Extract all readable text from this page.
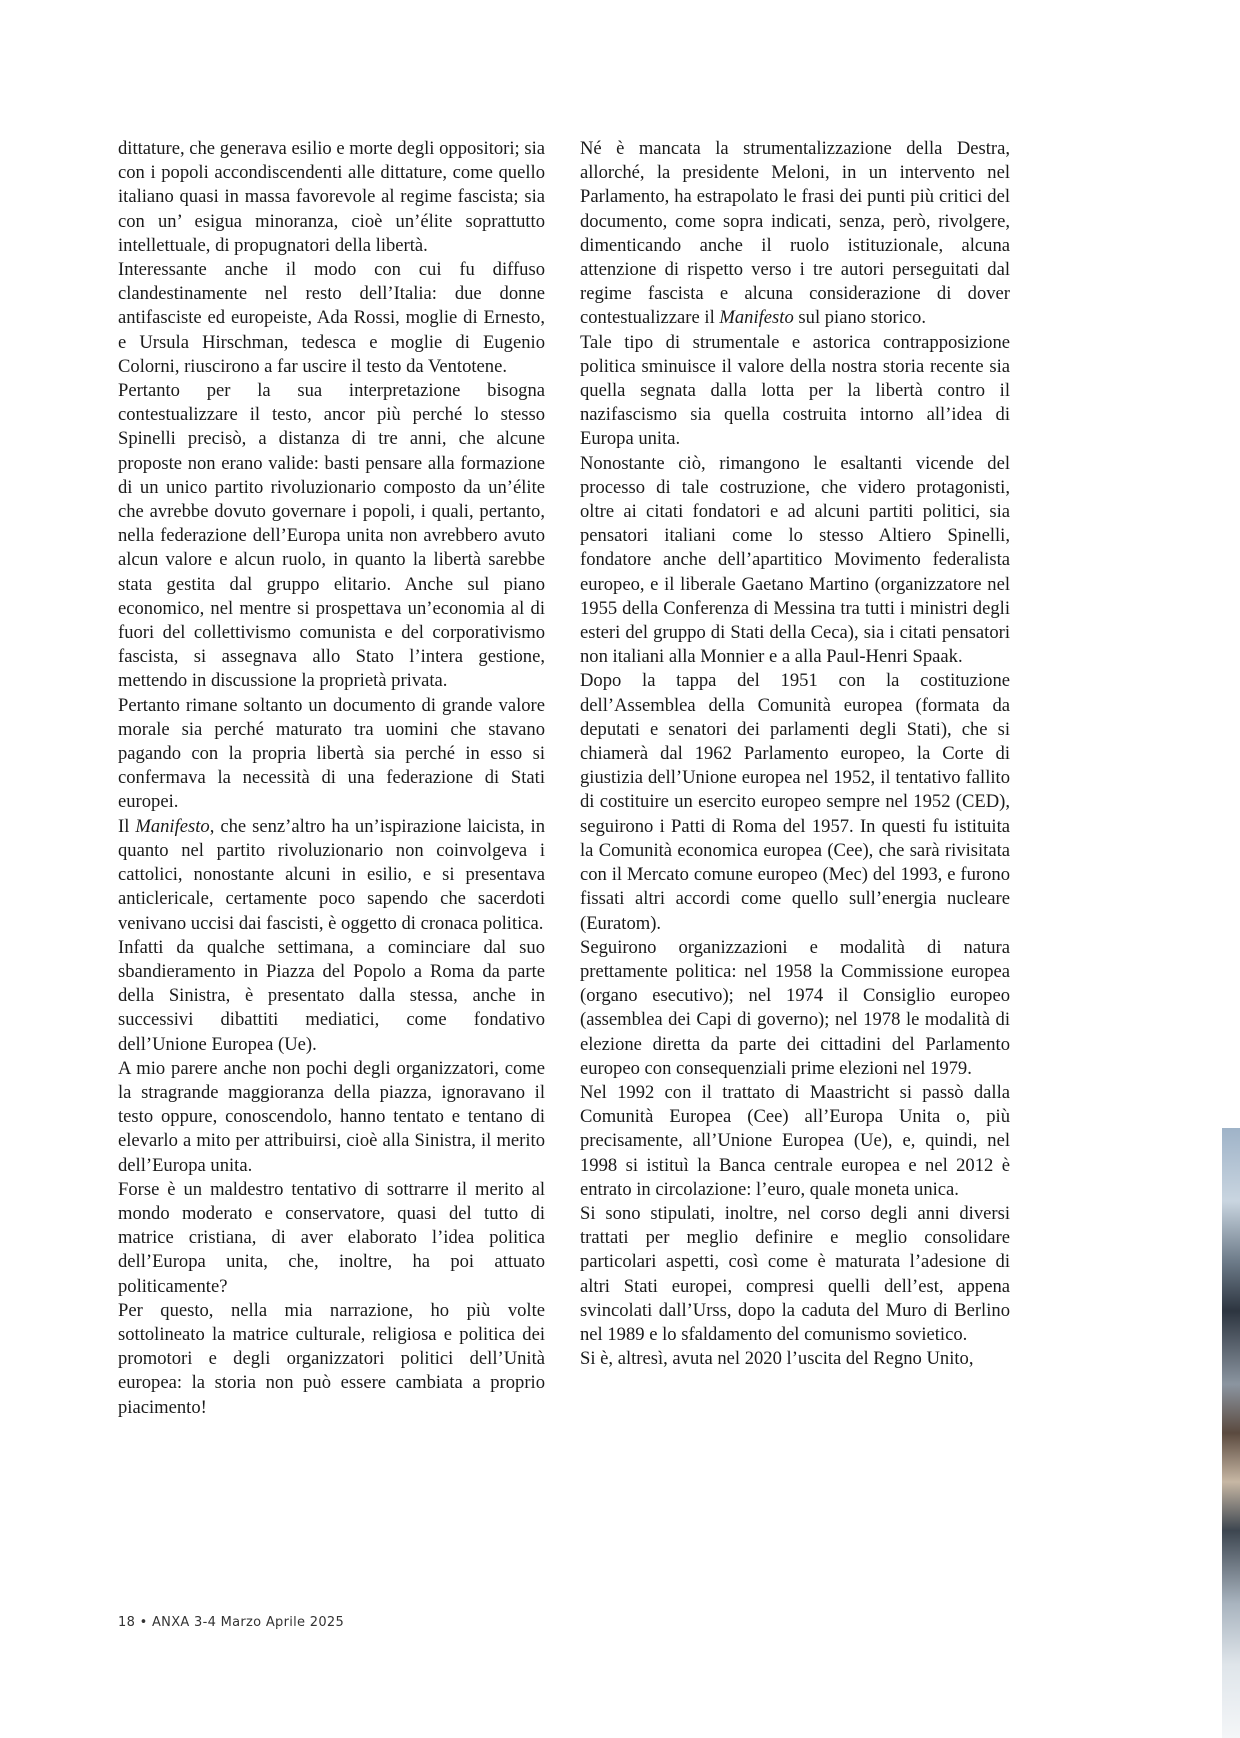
dittature, che generava esilio e morte degli oppositori; sia con i popoli accondiscendenti alle dittature, come quello italiano quasi in massa favorevole al regime fascista; sia con un’ esigua minoranza, cioè un’élite soprattutto intellettuale, di propugnatori della libertà.

Interessante anche il modo con cui fu diffuso clandestinamente nel resto dell’Italia: due donne antifasciste ed europeiste, Ada Rossi, moglie di Ernesto, e Ursula Hirschman, tedesca e moglie di Eugenio Colorni, riuscirono a far uscire il testo da Ventotene.

Pertanto per la sua interpretazione bisogna contestualizzare il testo, ancor più perché lo stesso Spinelli precisò, a distanza di tre anni, che alcune proposte non erano valide: basti pensare alla formazione di un unico partito rivoluzionario composto da un’élite che avrebbe dovuto governare i popoli, i quali, pertanto, nella federazione dell’Europa unita non avrebbero avuto alcun valore e alcun ruolo, in quanto la libertà sarebbe stata gestita dal gruppo elitario. Anche sul piano economico, nel mentre si prospettava un’economia al di fuori del collettivismo comunista e del corporativismo fascista, si assegnava allo Stato l’intera gestione, mettendo in discussione la proprietà privata.

Pertanto rimane soltanto un documento di grande valore morale sia perché maturato tra uomini che stavano pagando con la propria libertà sia perché in esso si confermava la necessità di una federazione di Stati europei.

Il Manifesto, che senz’altro ha un’ispirazione laicista, in quanto nel partito rivoluzionario non coinvolgeva i cattolici, nonostante alcuni in esilio, e si presentava anticlericale, certamente poco sapendo che sacerdoti venivano uccisi dai fascisti, è oggetto di cronaca politica.

Infatti da qualche settimana, a cominciare dal suo sbandieramento in Piazza del Popolo a Roma da parte della Sinistra, è presentato dalla stessa, anche in successivi dibattiti mediatici, come fondativo dell’Unione Europea (Ue).

A mio parere anche non pochi degli organizzatori, come la stragrande maggioranza della piazza, ignoravano il testo oppure, conoscendolo, hanno tentato e tentano di elevarlo a mito per attribuirsi, cioè alla Sinistra, il merito dell’Europa unita.

Forse è un maldestro tentativo di sottrarre il merito al mondo moderato e conservatore, quasi del tutto di matrice cristiana, di aver elaborato l’idea politica dell’Europa unita, che, inoltre, ha poi attuato politicamente?

Per questo, nella mia narrazione, ho più volte sottolineato la matrice culturale, religiosa e politica dei promotori e degli organizzatori politici dell’Unità europea: la storia non può essere cambiata a proprio piacimento!

Né è mancata la strumentalizzazione della Destra, allorché, la presidente Meloni, in un intervento nel Parlamento, ha estrapolato le frasi dei punti più critici del documento, come sopra indicati, senza, però, rivolgere, dimenticando anche il ruolo istituzionale, alcuna attenzione di rispetto verso i tre autori perseguitati dal regime fascista e alcuna considerazione di dover contestualizzare il Manifesto sul piano storico.

Tale tipo di strumentale e astorica contrapposizione politica sminuisce il valore della nostra storia recente sia quella segnata dalla lotta per la libertà contro il nazifascismo sia quella costruita intorno all’idea di Europa unita.

Nonostante ciò, rimangono le esaltanti vicende del processo di tale costruzione, che videro protagonisti, oltre ai citati fondatori e ad alcuni partiti politici, sia pensatori italiani come lo stesso Altiero Spinelli, fondatore anche dell’apartitico Movimento federalista europeo, e il liberale Gaetano Martino (organizzatore nel 1955 della Conferenza di Messina tra tutti i ministri degli esteri del gruppo di Stati della Ceca), sia i citati pensatori non italiani alla Monnier e a alla Paul-Henri Spaak.

Dopo la tappa del 1951 con la costituzione dell’Assemblea della Comunità europea (formata da deputati e senatori dei parlamenti degli Stati), che si chiamerà dal 1962 Parlamento europeo, la Corte di giustizia dell’Unione europea nel 1952, il tentativo fallito di costituire un esercito europeo sempre nel 1952 (CED), seguirono i Patti di Roma del 1957. In questi fu istituita la Comunità economica europea (Cee), che sarà rivisitata con il Mercato comune europeo (Mec) del 1993, e furono fissati altri accordi come quello sull’energia nucleare (Euratom).

Seguirono organizzazioni e modalità di natura prettamente politica: nel 1958 la Commissione europea (organo esecutivo); nel 1974 il Consiglio europeo (assemblea dei Capi di governo); nel 1978 le modalità di elezione diretta da parte dei cittadini del Parlamento europeo con consequenziali prime elezioni nel 1979.

Nel 1992 con il trattato di Maastricht si passò dalla Comunità Europea (Cee) all’Europa Unita o, più precisamente, all’Unione Europea (Ue), e, quindi, nel 1998 si istituì la Banca centrale europea e nel 2012 è entrato in circolazione: l’euro, quale moneta unica.

Si sono stipulati, inoltre, nel corso degli anni diversi trattati per meglio definire e meglio consolidare particolari aspetti, così come è maturata l’adesione di altri Stati europei, compresi quelli dell’est, appena svincolati dall’Urss, dopo la caduta del Muro di Berlino nel 1989 e lo sfaldamento del comunismo sovietico.

Si è, altresì, avuta nel 2020 l’uscita del Regno Unito,

18 • ANXA 3-4 Marzo Aprile 2025
